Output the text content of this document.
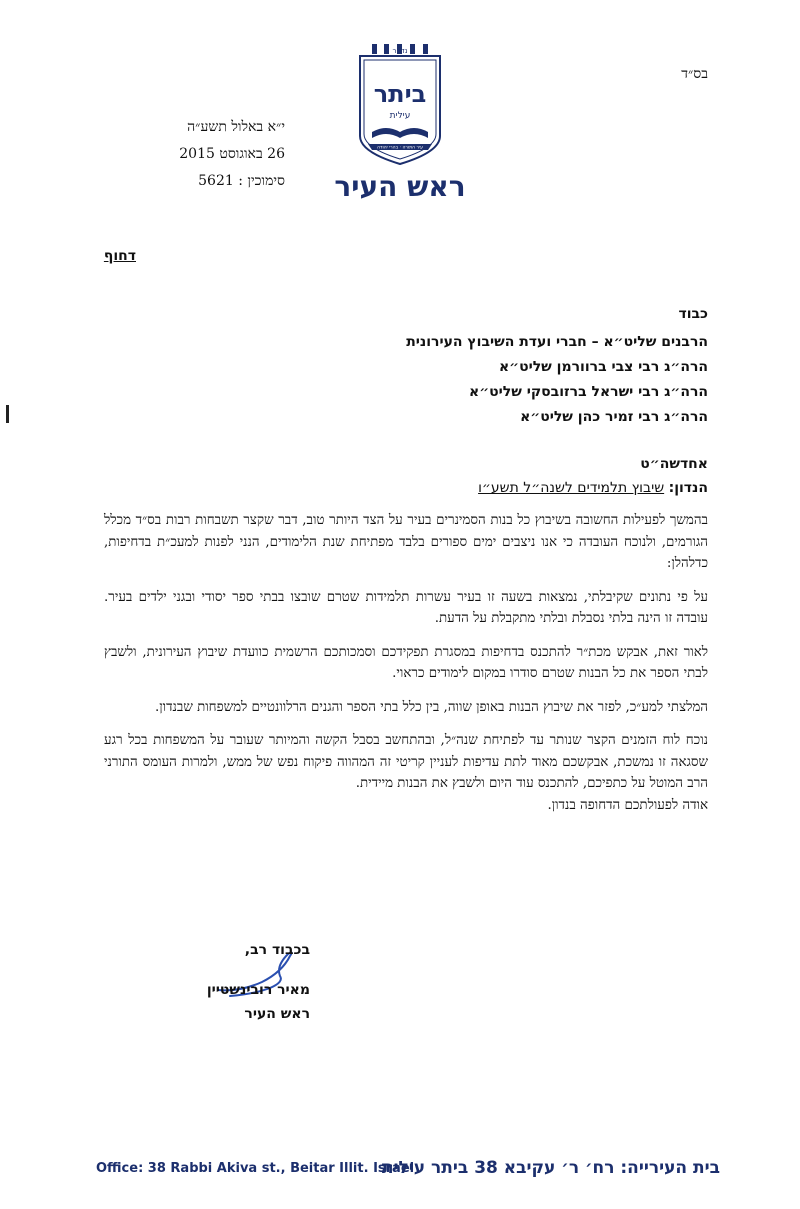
בס״ד
נד״ר
ביתר
עילית
עיר התורה · בהרי יהודה
ראש העיר
י״א באלול תשע״ה
26 באוגוסט 2015
סימוכין : 5621
דחוף
כבוד
הרבנים שליט״א – חברי ועדת השיבוץ העירונית
הרה״ג רבי צבי ברוורמן שליט״א
הרה״ג רבי ישראל ברזובסקי שליט״א
הרה״ג רבי זמיר כהן שליט״א
אחדשה״ט
הנדון: שיבוץ תלמידים לשנה״ל תשע״ו

בהמשך לפעילות החשובה בשיבוץ כל בנות הסמינרים בעיר על הצד היותר טוב, דבר שקצר תשבחות רבות בס״ד מכלל הגורמים, ולנוכח העובדה כי אנו ניצבים ימים ספורים בלבד מפתיחת שנת הלימודים, הנני לפנות למעכ״ת בדחיפות, כדלהלן:

על פי נתונים שקיבלתי, נמצאות בשעה זו בעיר עשרות תלמידות שטרם שובצו בבתי ספר יסודי ובגני ילדים בעיר. עובדה זו הינה בלתי נסבלת ובלתי מתקבלת על הדעת.

לאור זאת, אבקש מכת״ר להתכנס בדחיפות במסגרת תפקידכם וסמכותכם הרשמית כוועדת שיבוץ העירונית, ולשבץ לבתי הספר את כל הבנות שטרם סודרו במקום לימודים כראוי.

המלצתי למע״כ, לפזר את שיבוץ הבנות באופן שווה, בין כלל בתי הספר והגנים הרלוונטיים למשפחות שבנדון.

נוכח לוח הזמנים הקצר שנותר עד לפתיחת שנה״ל, ובהתחשב בסבל הקשה והמיותר שעובר על המשפחות בכל רגע שסגאה זו נמשכת, אבקשכם מאוד לתת עדיפות לעניין קריטי זה המהווה פיקוח נפש של ממש, ולמרות העומס התורני הרב המוטל על כתפיכם, להתכנס עוד היום ולשבץ את הבנות מיידית.

אודה לפעולתכם הדחופה בנדון.

בכבוד רב,
מאיר רובינשטיין
ראש העיר
בית העירייה: רח׳ ר׳ עקיבא 38 ביתר עילית
Office: 38 Rabbi Akiva st., Beitar Illit. Israel
